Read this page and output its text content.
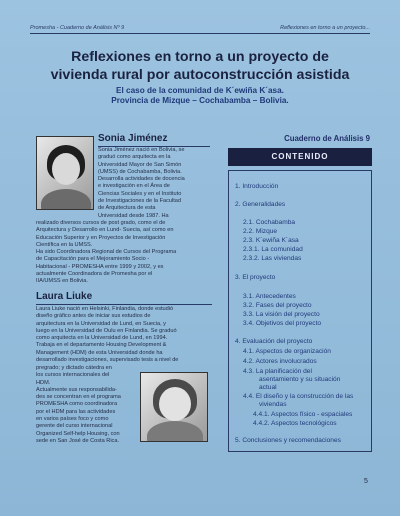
Promesha - Cuaderno de Análisis Nº 9	Reflexiones en torno a un proyecto...
Reflexiones en torno a un proyecto de
vivienda rural por autoconstrucción asistida
El caso de la comunidad de K´ewiña K´asa.
Provincia de Mizque – Cochabamba – Bolivia.
Sonia Jiménez
Sonia Jiménez nació en Bolivia, se
graduó como arquitecta en la
Universidad Mayor de San Simón
(UMSS) de Cochabamba, Bolivia.
Desarrolla actividades de docencia
e investigación en el Área de
Ciencias Sociales y en el Instituto
de Investigaciones de la Facultad
de Arquitectura de esta
Universidad desde 1987. Ha
realizado diversos cursos de post grado, como el de
Arquitectura y Desarrollo en Lund- Suecia, así como en
Educación Superior y en Proyectos de Investigación
Científica en la UMSS.
Ha sido Coordinadora Regional de Cursos del Programa
de Capacitación para el Mejoramiento Socio -
Habitacional - PROMESHA entre 1999 y 2002, y es
actualmente Coordinadora de Promesha por el
IIA/UMSS en Bolivia.
Laura Liuke
Laura Liuke nació en Helsinki, Finlandia, donde estudió
diseño gráfico antes de iniciar sus estudios de
arquitectura en la Universidad de Lund, en Suecia, y
luego en la Universidad de Oulu en Finlandia. Se graduó
como arquitecta en la Universidad de Lund, en 1994.
Trabaja en el departamento Housing Development &
Management (HDM) de esta Universidad donde ha
desarrollado investigaciones, supervisado tesis a nivel de
pregrado; y dictado cátedra en
los cursos internacionales del
HDM.
Actualmente sus responsabilida-
des se concentran en el programa
PROMESHA como coordinadora
por el HDM para las actividades
en varios países foco y como
gerente del curso internacional
Organized Self-help Housing, con
sede en San José de Costa Rica.
Cuaderno de Análisis 9
CONTENIDO
1. Introducción
2. Generalidades
2.1. Cochabamba
2.2. Mizque
2.3. K´ewiña K´asa
2.3.1. La comunidad
2.3.2. Las viviendas
3. El proyecto
3.1. Antecedentes
3.2. Fases del proyecto
3.3. La visión del proyecto
3.4. Objetivos del proyecto
4. Evaluación del proyecto
4.1. Aspectos de organización
4.2. Actores involucrados
4.3. La planificación del
asentamiento y su situación
actual
4.4. El diseño y la construcción de las
viviendas
4.4.1. Aspectos físico - espaciales
4.4.2. Aspectos tecnológicos
5. Conclusiones y recomendaciones
5
